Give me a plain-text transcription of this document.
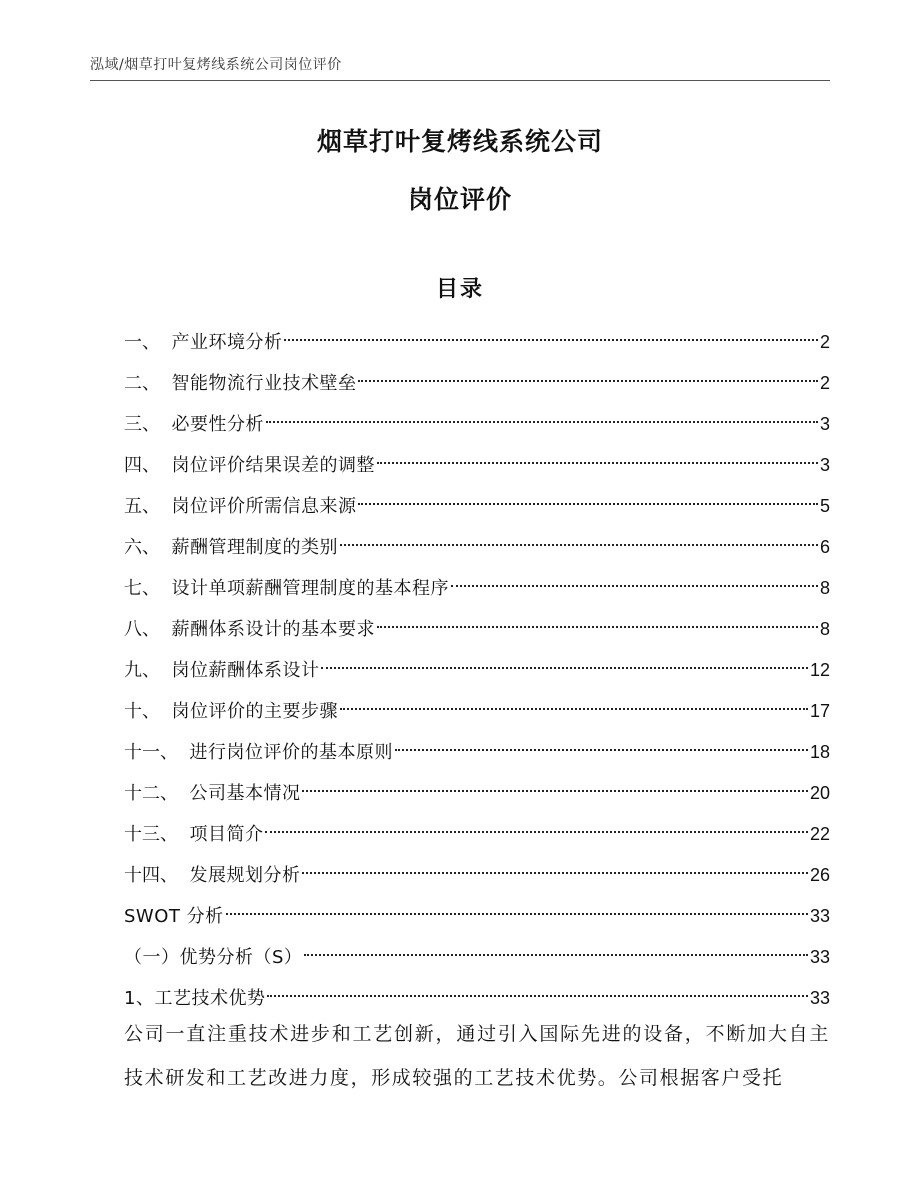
泓域/烟草打叶复烤线系统公司岗位评价
烟草打叶复烤线系统公司
岗位评价
目录
一、 产业环境分析	2
二、 智能物流行业技术壁垒	2
三、 必要性分析	3
四、 岗位评价结果误差的调整	3
五、 岗位评价所需信息来源	5
六、 薪酬管理制度的类别	6
七、 设计单项薪酬管理制度的基本程序	8
八、 薪酬体系设计的基本要求	8
九、 岗位薪酬体系设计	12
十、 岗位评价的主要步骤	17
十一、 进行岗位评价的基本原则	18
十二、 公司基本情况	20
十三、 项目简介	22
十四、 发展规划分析	26
SWOT 分析	33
（一）优势分析（S）	33
1、工艺技术优势	33
公司一直注重技术进步和工艺创新，通过引入国际先进的设备，不断加大自主技术研发和工艺改进力度，形成较强的工艺技术优势。公司根据客户受托
